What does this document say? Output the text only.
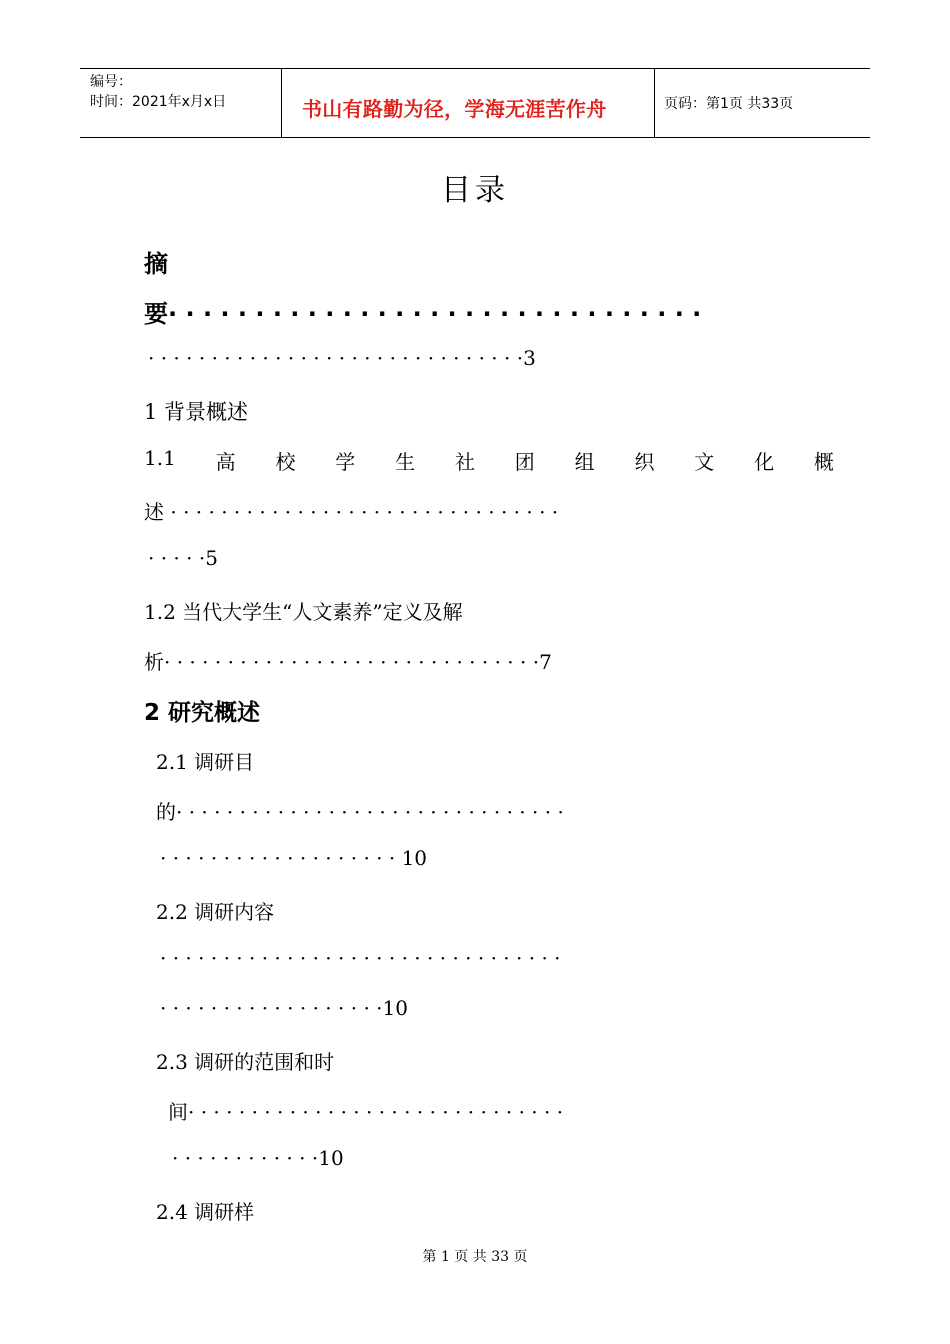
编号：
时间：2021年x月x日	书山有路勤为径，学海无涯苦作舟	页码：第1页 共33页
目录
摘
要· · · · · · · · · · · · · · · · · · · · · · · · · · · · · · ·
· · · · · · · · · · · · · · · · · · · · · · · · · · · · · ·3
1 背景概述
1.1 高 校 学 生 社 团 组 织 文 化 概
述 · · · · · · · · · · · · · · · · · · · · · · · · · · · · · · ·
· · · · ·5
1.2 当代大学生“人文素养”定义及解
析· · · · · · · · · · · · · · · · · · · · · · · · · · · · · ·7
2 研究概述
2.1 调研目
的· · · · · · · · · · · · · · · · · · · · · · · · · · · · · · ·
· · · · · · · · · · · · · · · · · · · 10
2.2 调研内容
· · · · · · · · · · · · · · · · · · · · · · · · · · · · · · · ·
· · · · · · · · · · · · · · · · · ·10
2.3 调研的范围和时
间· · · · · · · · · · · · · · · · · · · · · · · · · · · · · ·
· · · · · · · · · · · ·10
2.4 调研样
第 1 页 共 33 页
